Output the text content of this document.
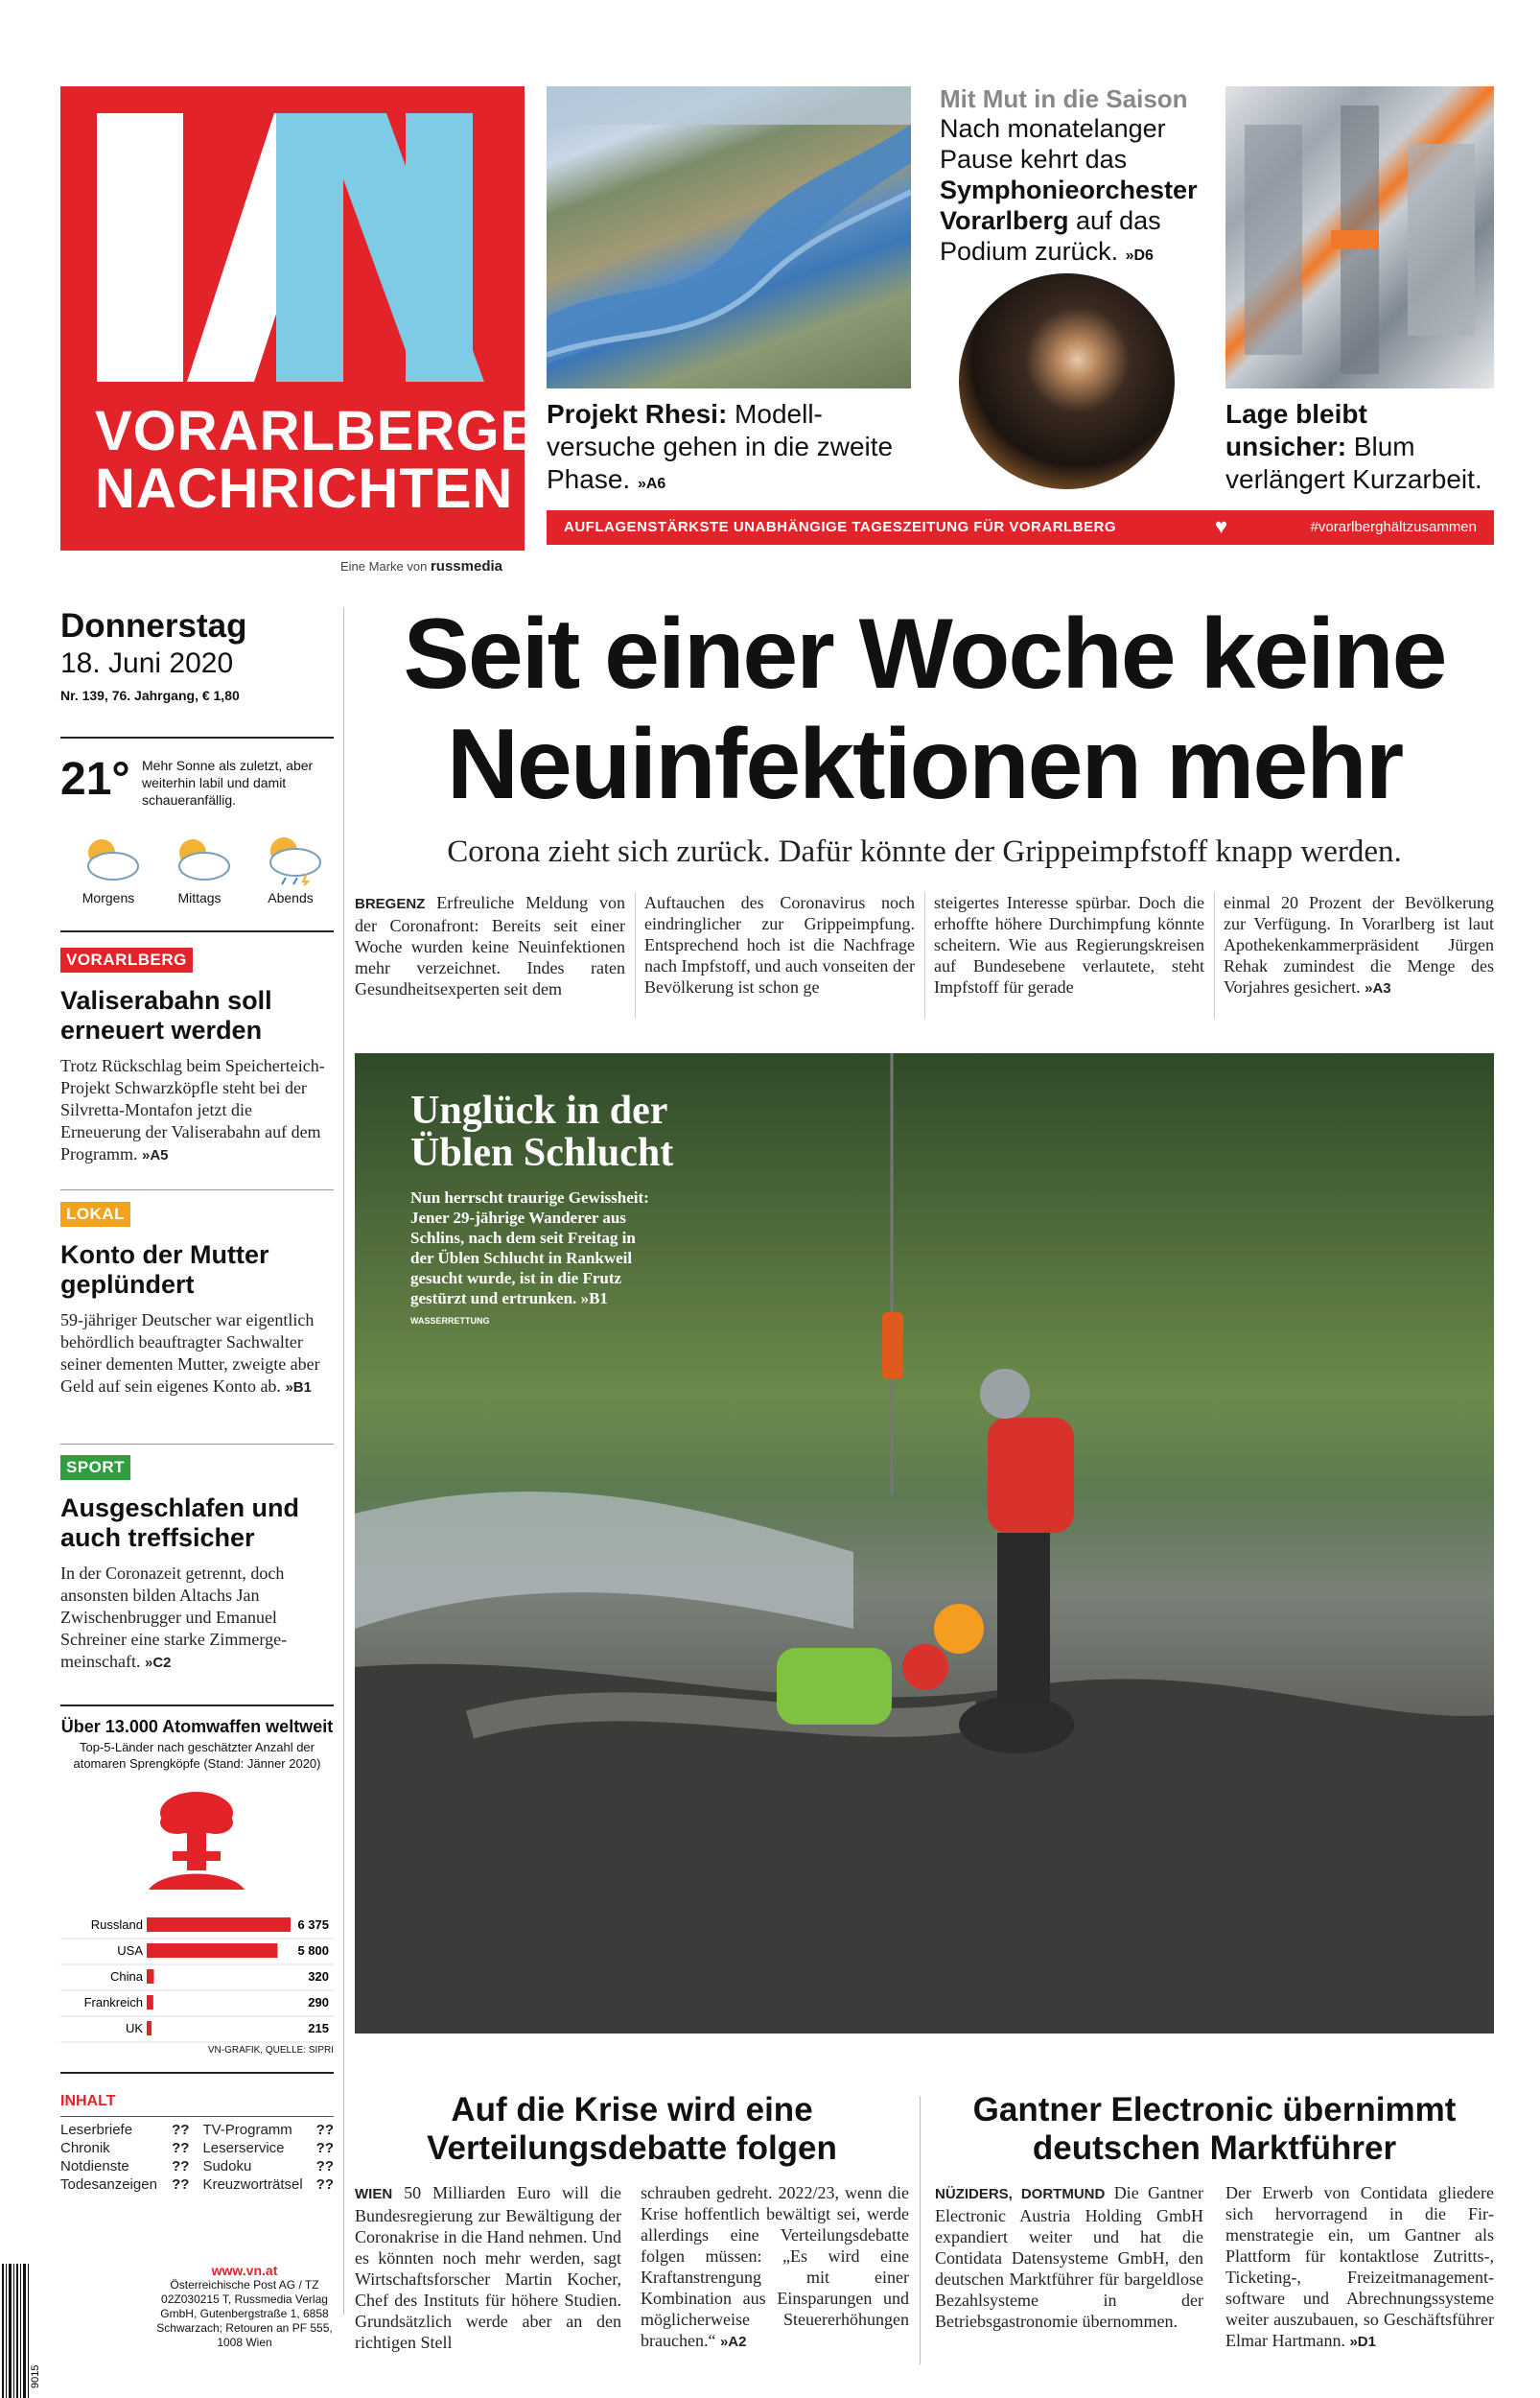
VORARLBERGER
NACHRICHTEN
Eine Marke von russmedia
Projekt Rhesi: Modellversuche gehen in die zweite Phase. »A6
Mit Mut in die Saison
Nach monatelanger Pause kehrt das Symphonieorchester Vorarlberg auf das Podium zurück. »D6
Lage bleibt unsicher: Blum verlängert Kurzarbeit.
AUFLAGENSTÄRKSTE UNABHÄNGIGE TAGESZEITUNG FÜR VORARLBERG	♥	#vorarlberghältzusammen
Donnerstag
18. Juni 2020
Nr. 139, 76. Jahrgang, € 1,80
21° Mehr Sonne als zuletzt, aber weiterhin labil und damit schaueranfällig.
Morgens	Mittags	Abends
VORARLBERG
Valiserabahn soll erneuert werden
Trotz Rückschlag beim Speicherteich-Projekt Schwarzköpfle steht bei der Silvretta-Montafon jetzt die Erneuerung der Valiserabahn auf dem Programm. »A5
LOKAL
Konto der Mutter geplündert
59-jähriger Deutscher war eigentlich behördlich beauftragter Sachwalter seiner dementen Mutter, zweigte aber Geld auf sein eigenes Konto ab. »B1
SPORT
Ausgeschlafen und auch treffsicher
In der Coronazeit getrennt, doch ansonsten bilden Altachs Jan Zwischenbrugger und Emanuel Schreiner eine starke Zimmergemeinschaft. »C2
Über 13.000 Atomwaffen weltweit
Top-5-Länder nach geschätzter Anzahl der atomaren Sprengköpfe (Stand: Jänner 2020)
Russland	6 375
USA	5 800
China	320
Frankreich	290
UK	215
VN-GRAFIK, QUELLE: SIPRI
INHALT
Leserbriefe	??	TV-Programm	??
Chronik	??	Leserservice	??
Notdienste	??	Sudoku	??
Todesanzeigen	??	Kreuzworträtsel	??
www.vn.at
Österreichische Post AG / TZ 02Z030215 T, Russmedia Verlag GmbH, Gutenbergstraße 1, 6858 Schwarzach; Retouren an PF 555, 1008 Wien
9015
Seit einer Woche keine
Neuinfektionen mehr
Corona zieht sich zurück. Dafür könnte der Grippeimpfstoff knapp werden.
BREGENZ Erfreuliche Meldung von der Coronafront: Bereits seit einer Woche wurden keine Neuinfektionen mehr verzeichnet. Indes raten Gesundheitsexperten seit dem
Auftauchen des Coronavirus noch eindringlicher zur Grippeimpfung. Entsprechend hoch ist die Nachfrage nach Impfstoff, und auch vonseiten der Bevölkerung ist schon ge
steigertes Interesse spürbar. Doch die erhoffte höhere Durchimpfung könnte scheitern. Wie aus Regierungskreisen auf Bundesebene verlautete, steht Impfstoff für gerade
einmal 20 Prozent der Bevölkerung zur Verfügung. In Vorarlberg ist laut Apothekenkammerpräsident Jürgen Rehak zumindest die Menge des Vorjahres gesichert. »A3
Unglück in der
Üblen Schlucht
Nun herrscht traurige Gewissheit: Jener 29-jährige Wanderer aus Schlins, nach dem seit Freitag in der Üblen Schlucht in Rankweil gesucht wurde, ist in die Frutz gestürzt und ertrunken. »B1 WASSERRETTUNG
Auf die Krise wird eine Verteilungsdebatte folgen
WIEN 50 Milliarden Euro will die Bundesregierung zur Bewältigung der Coronakrise in die Hand nehmen. Und es könnten noch mehr werden, sagt Wirtschaftsforscher Martin Kocher, Chef des Instituts für höhere Studien. Grundsätzlich werde aber an den richtigen Stell
schrauben gedreht. 2022/23, wenn die Krise hoffentlich bewältigt sei, werde allerdings eine Verteilungsdebatte folgen müssen: „Es wird eine Kraftanstrengung mit einer Kombination aus Einsparungen und möglicherweise Steuererhöhungen brauchen.“ »A2
Gantner Electronic übernimmt deutschen Marktführer
NÜZIDERS, DORTMUND Die Gantner Electronic Austria Holding GmbH expandiert weiter und hat die Contidata Datensysteme GmbH, den deutschen Marktführer für bargeldlose Bezahlsysteme in der Betriebsgastronomie übernommen.
Der Erwerb von Contidata gliedere sich hervorragend in die Firmenstrategie ein, um Gantner als Plattform für kontaktlose Zutritts-, Ticketing-, Freizeitmanagementsoftware und Abrechnungssysteme weiter auszubauen, so Geschäftsführer Elmar Hartmann. »D1
